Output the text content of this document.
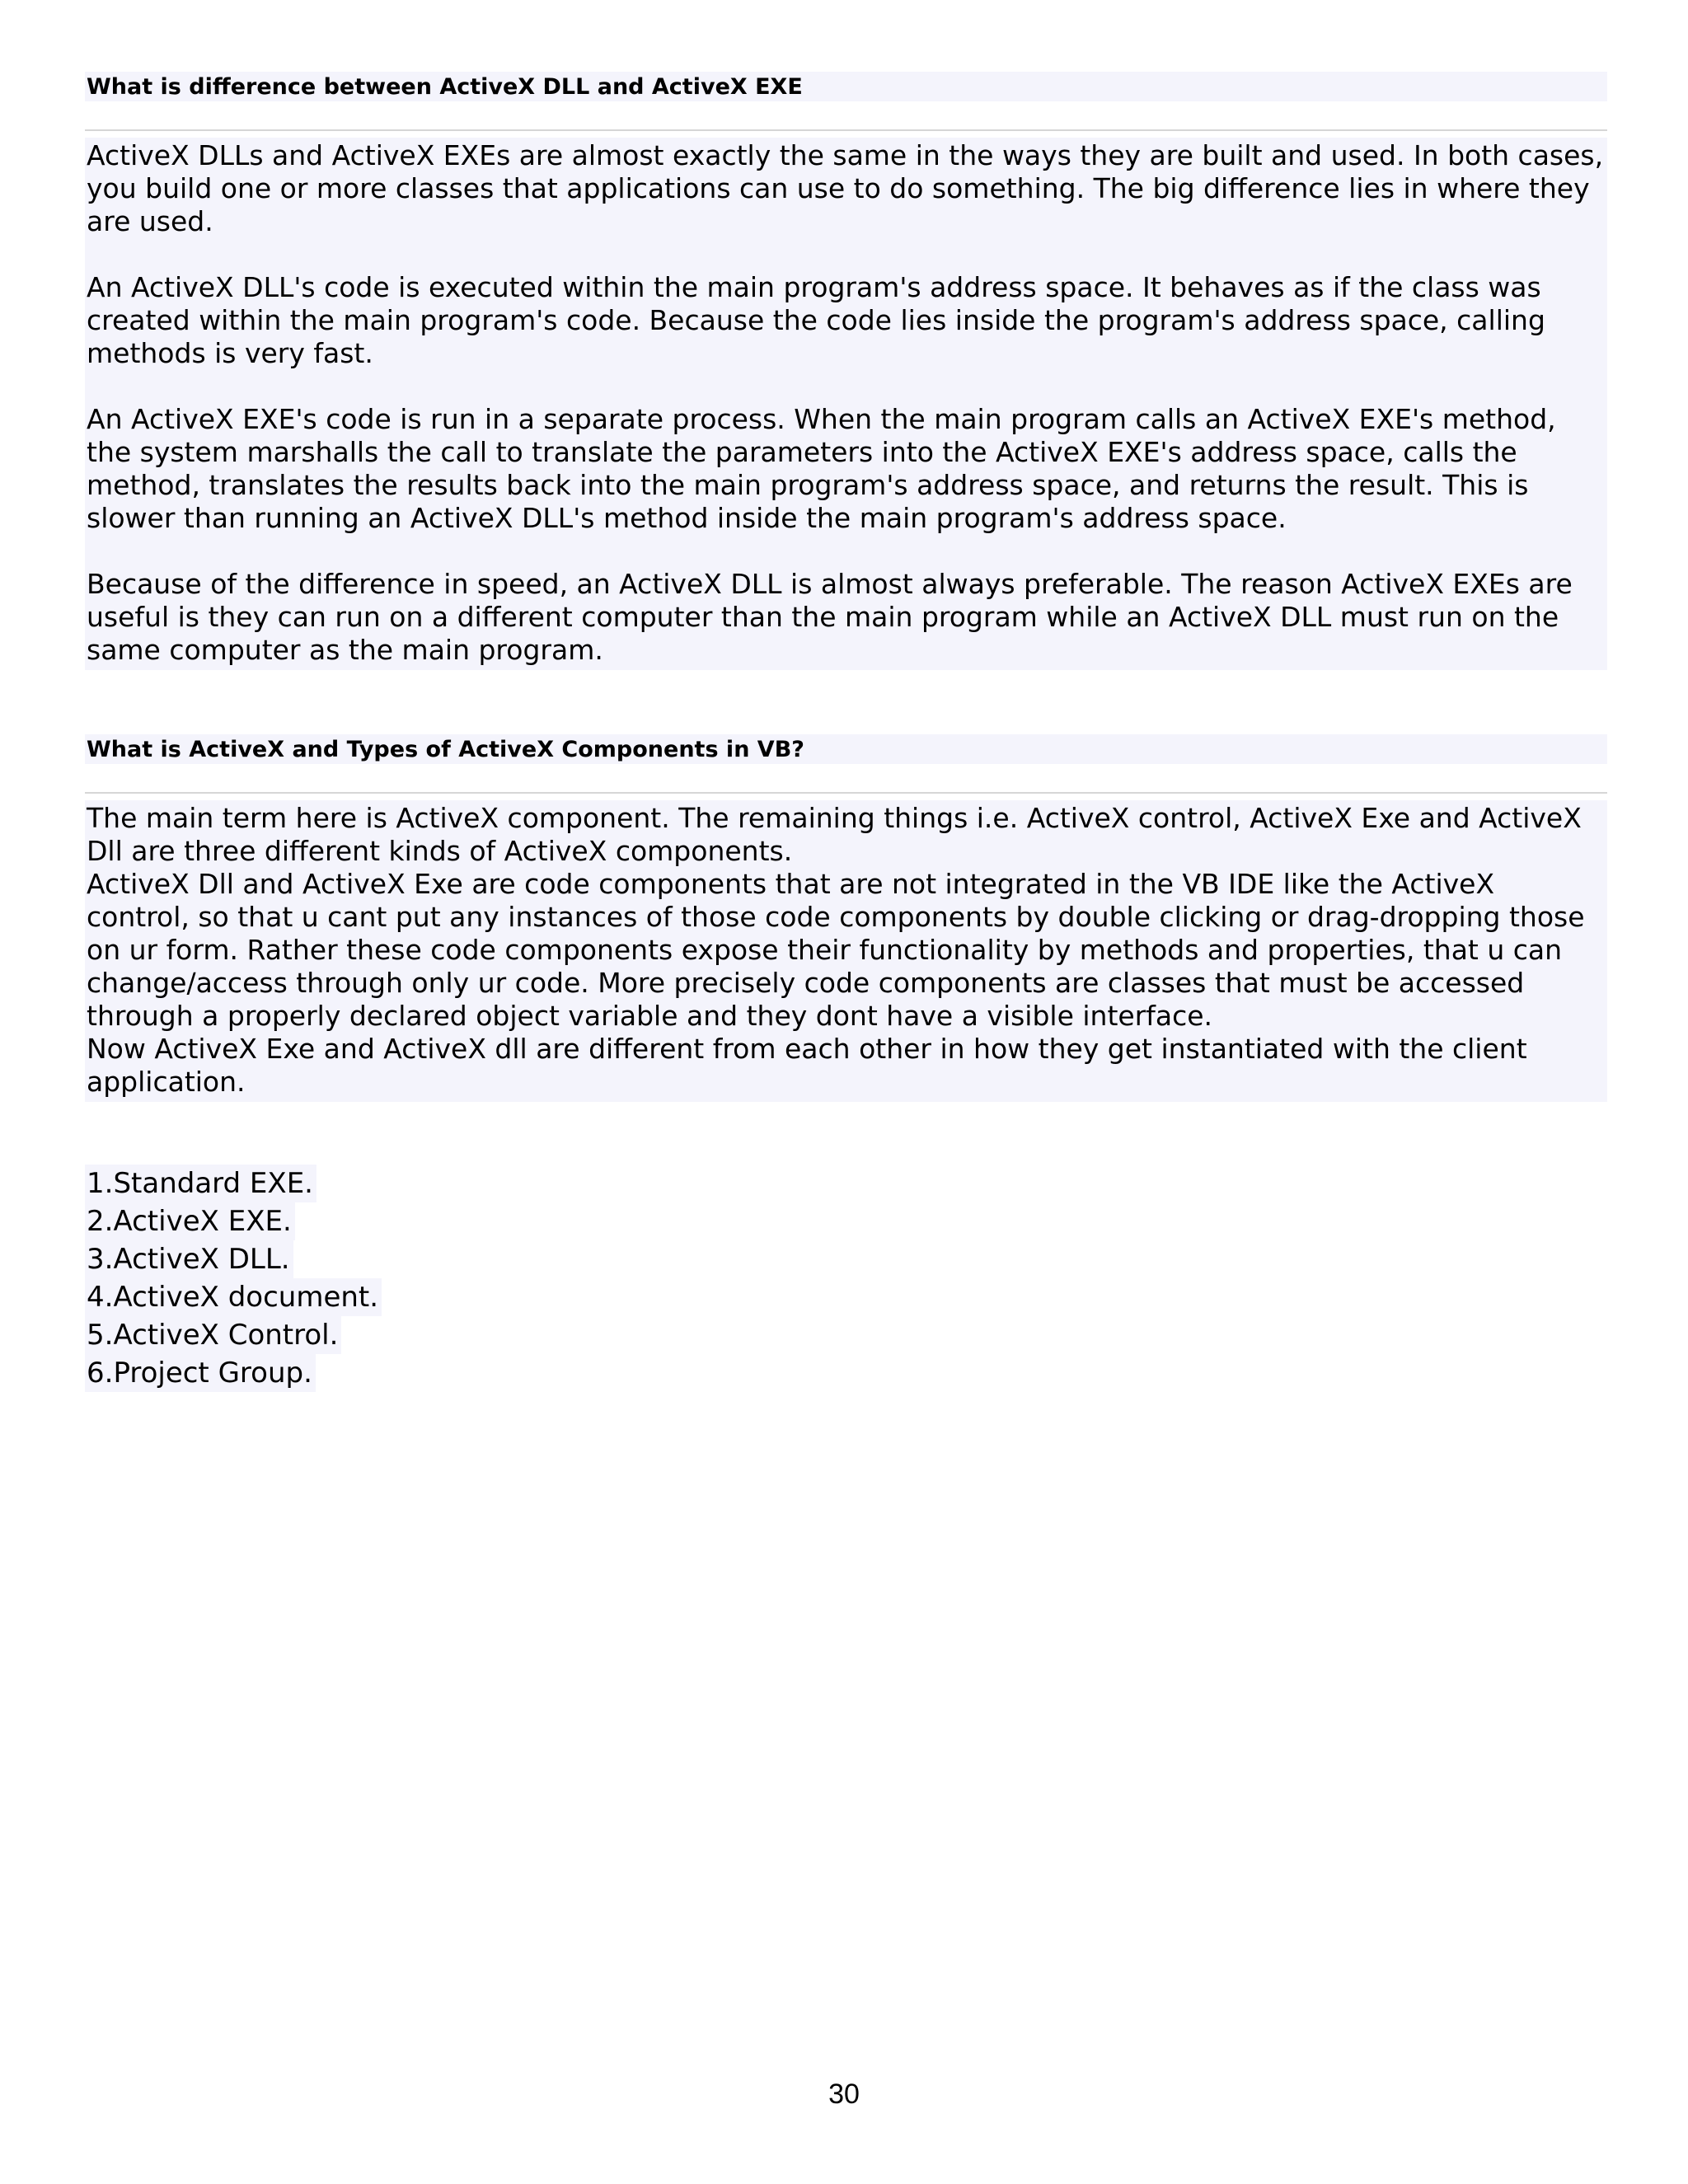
What is difference between ActiveX DLL and ActiveX EXE

ActiveX DLLs and ActiveX EXEs are almost exactly the same in the ways they are built and used. In both cases, you build one or more classes that applications can use to do something. The big difference lies in where they are used.

An ActiveX DLL's code is executed within the main program's address space. It behaves as if the class was created within the main program's code. Because the code lies inside the program's address space, calling methods is very fast.

An ActiveX EXE's code is run in a separate process. When the main program calls an ActiveX EXE's method, the system marshalls the call to translate the parameters into the ActiveX EXE's address space, calls the method, translates the results back into the main program's address space, and returns the result. This is slower than running an ActiveX DLL's method inside the main program's address space.

Because of the difference in speed, an ActiveX DLL is almost always preferable. The reason ActiveX EXEs are useful is they can run on a different computer than the main program while an ActiveX DLL must run on the same computer as the main program.

What is ActiveX and Types of ActiveX Components in VB?

The main term here is ActiveX component. The remaining things i.e. ActiveX control, ActiveX Exe and ActiveX Dll are three different kinds of ActiveX components.

ActiveX Dll and ActiveX Exe are code components that are not integrated in the VB IDE like the ActiveX control, so that u cant put any instances of those code components by double clicking or drag-dropping those on ur form. Rather these code components expose their functionality by methods and properties, that u can change/access through only ur code. More precisely code components are classes that must be accessed through a properly declared object variable and they dont have a visible interface.

Now ActiveX Exe and ActiveX dll are different from each other in how they get instantiated with the client application.

1.Standard EXE.
2.ActiveX EXE.
3.ActiveX DLL.
4.ActiveX document.
5.ActiveX Control.
6.Project Group.
30
